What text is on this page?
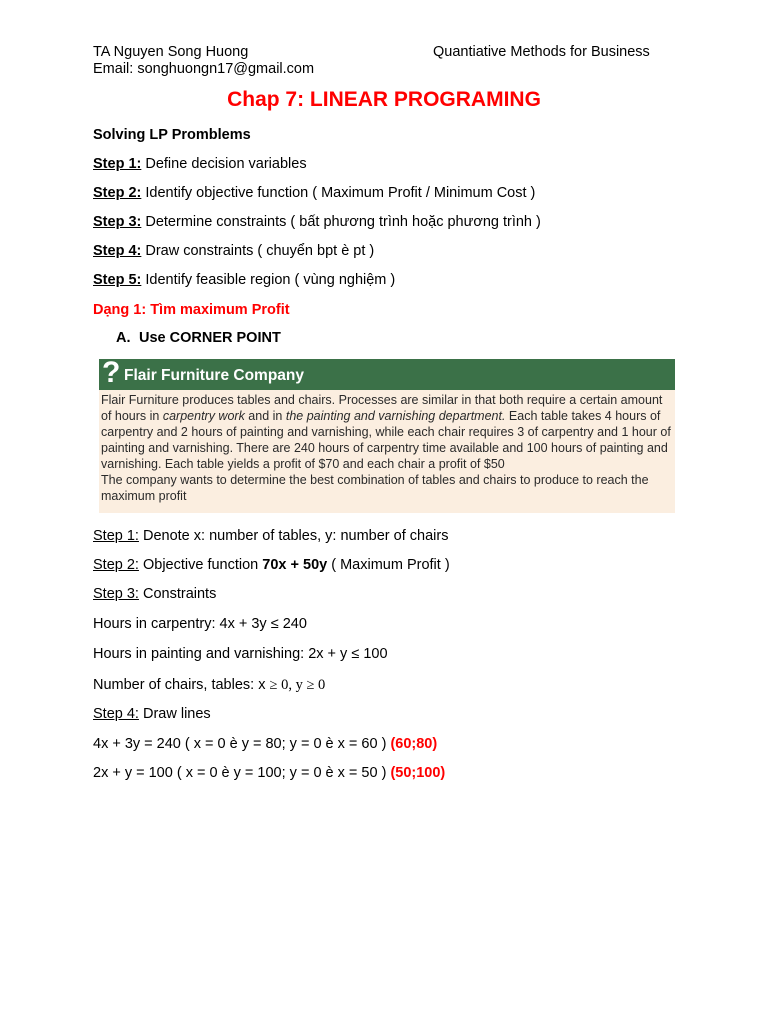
TA Nguyen Song Huong
Email: songhuongn17@gmail.com
Quantiative Methods for Business
Chap 7: LINEAR PROGRAMING
Solving LP Promblems
Step 1: Define decision variables
Step 2: Identify objective function ( Maximum Profit / Minimum Cost )
Step 3: Determine constraints ( bất phương trình hoặc phương trình )
Step 4: Draw constraints ( chuyển bpt è pt )
Step 5: Identify feasible region ( vùng nghiệm )
Dạng 1: Tìm maximum Profit
A. Use CORNER POINT
? Flair Furniture Company

Flair Furniture produces tables and chairs. Processes are similar in that both require a certain amount of hours in carpentry work and in the painting and varnishing department. Each table takes 4 hours of carpentry and 2 hours of painting and varnishing, while each chair requires 3 of carpentry and 1 hour of painting and varnishing. There are 240 hours of carpentry time available and 100 hours of painting and varnishing. Each table yields a profit of $70 and each chair a profit of $50

The company wants to determine the best combination of tables and chairs to produce to reach the maximum profit

Step 1: Denote x: number of tables, y: number of chairs
Step 2: Objective function 70x + 50y ( Maximum Profit )
Step 3: Constraints
Hours in carpentry: 4x + 3y ≤ 240
Hours in painting and varnishing: 2x + y ≤ 100
Number of chairs, tables: x ≥ 0, y ≥ 0
Step 4: Draw lines
4x + 3y = 240 ( x = 0 è y = 80; y = 0 è x = 60 ) (60;80)
2x + y = 100 ( x = 0 è y = 100; y = 0 è x = 50 ) (50;100)
